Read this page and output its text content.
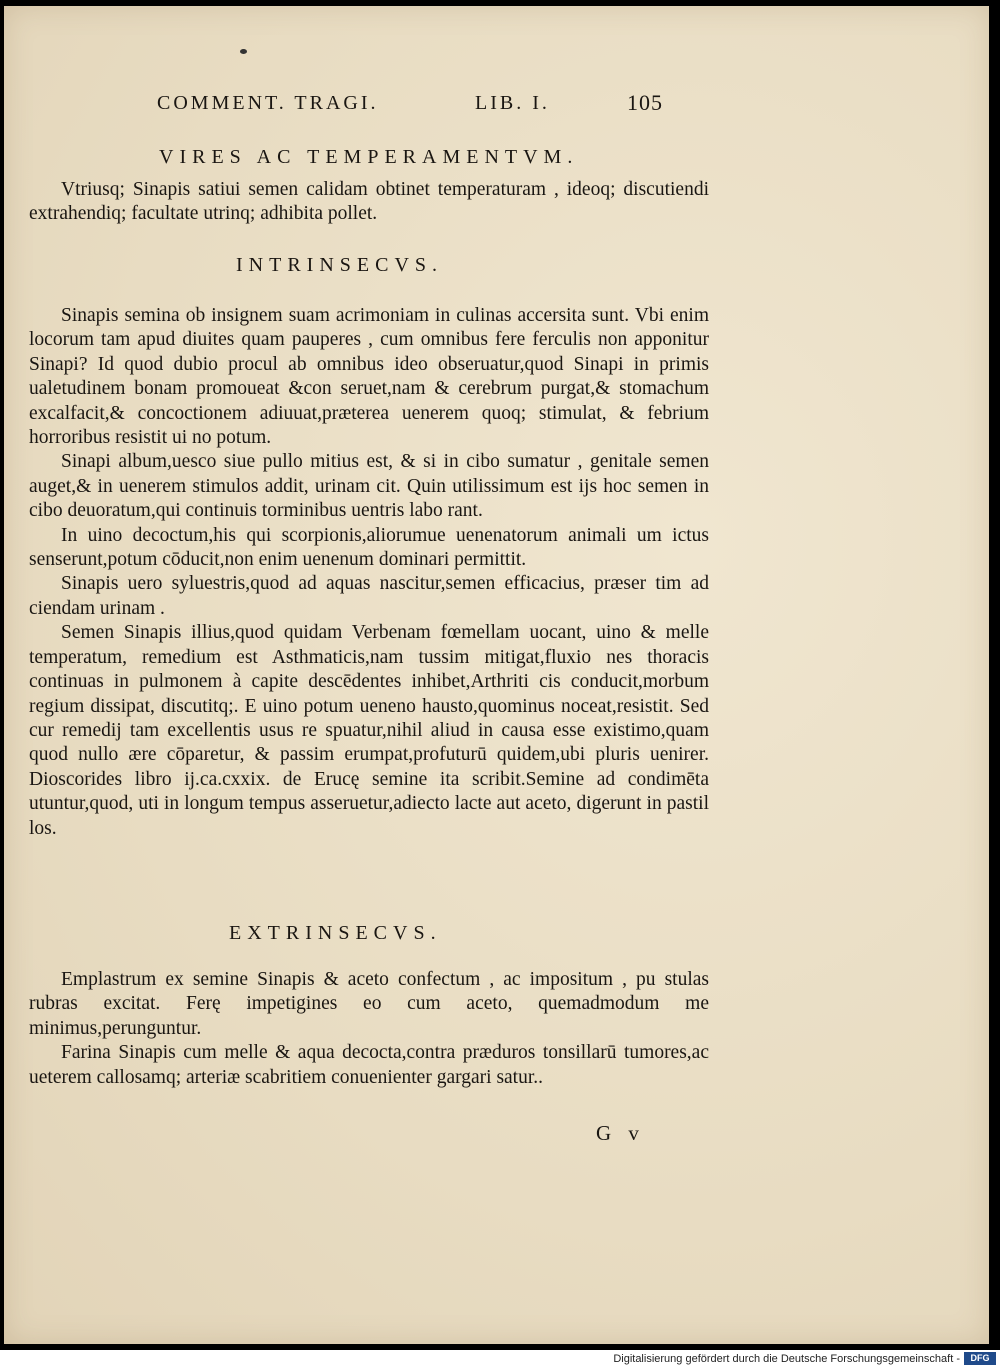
COMMENT. TRAGI.	LIB. I.	105
VIRES AC TEMPERAMENTVM.

Vtriusq; Sinapis satiui semen calidam obtinet temperaturam , ideoq; discutiendi extrahendiq; facultate utrinq; adhibita pollet.

INTRINSECVS.

Sinapis semina ob insignem suam acrimoniam in culinas accersita sunt. Vbi enim locorum tam apud diuites quam pauperes , cum omnibus fere ferculis non apponitur Sinapi? Id quod dubio procul ab omnibus ideo obseruatur,quod Sinapi in primis ualetudinem bonam promoueat &con seruet,nam & cerebrum purgat,& stomachum excalfacit,& concoctionem adiuuat,præterea uenerem quoq; stimulat, & febrium horroribus resistit ui no potum.

Sinapi album,uesco siue pullo mitius est, & si in cibo sumatur , genitale semen auget,& in uenerem stimulos addit, urinam cit. Quin utilissimum est ijs hoc semen in cibo deuoratum,qui continuis torminibus uentris labo rant.

In uino decoctum,his qui scorpionis,aliorumue uenenatorum animali um ictus senserunt,potum cōducit,non enim uenenum dominari permittit.

Sinapis uero syluestris,quod ad aquas nascitur,semen efficacius, præser tim ad ciendam urinam .

Semen Sinapis illius,quod quidam Verbenam fœmellam uocant, uino & melle temperatum, remedium est Asthmaticis,nam tussim mitigat,fluxio nes thoracis continuas in pulmonem à capite descēdentes inhibet,Arthriti cis conducit,morbum regium dissipat, discutitq;. E uino potum ueneno hausto,quominus noceat,resistit. Sed cur remedij tam excellentis usus re spuatur,nihil aliud in causa esse existimo,quam quod nullo ære cōparetur, & passim erumpat,profuturū quidem,ubi pluris uenirer. Dioscorides libro ij.ca.cxxix. de Erucę semine ita scribit.Semine ad condimēta utuntur,quod, uti in longum tempus asseruetur,adiecto lacte aut aceto, digerunt in pastil los.

EXTRINSECVS.

Emplastrum ex semine Sinapis & aceto confectum , ac impositum , pu stulas rubras excitat. Ferę impetigines eo cum aceto, quemadmodum me minimus,perunguntur.

Farina Sinapis cum melle & aqua decocta,contra præduros tonsillarū tumores,ac ueterem callosamq; arteriæ scabritiem conuenienter gargari satur..

G v
Digitalisierung gefördert durch die Deutsche Forschungsgemeinschaft -	DFG
